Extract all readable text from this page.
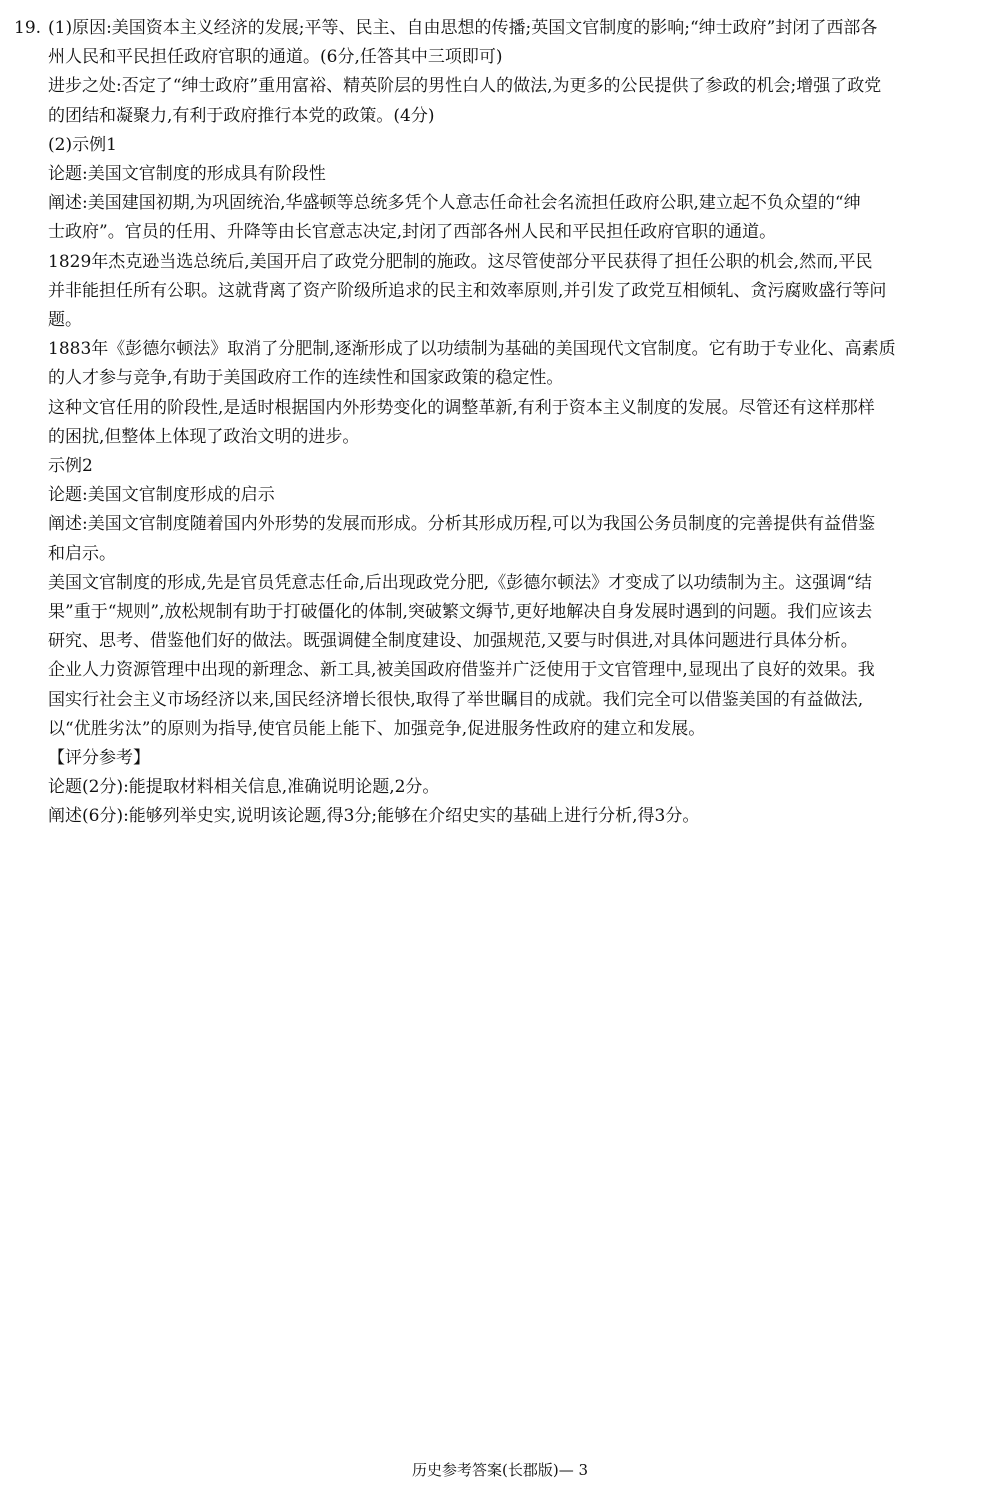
19. (1)原因:美国资本主义经济的发展;平等、民主、自由思想的传播;英国文官制度的影响;“绅士政府”封闭了西部各

州人民和平民担任政府官职的通道。(6分,任答其中三项即可)

进步之处:否定了“绅士政府”重用富裕、精英阶层的男性白人的做法,为更多的公民提供了参政的机会;增强了政党

的团结和凝聚力,有利于政府推行本党的政策。(4分)

(2)示例1

论题:美国文官制度的形成具有阶段性

阐述:美国建国初期,为巩固统治,华盛顿等总统多凭个人意志任命社会名流担任政府公职,建立起不负众望的“绅

士政府”。官员的任用、升降等由长官意志决定,封闭了西部各州人民和平民担任政府官职的通道。

1829年杰克逊当选总统后,美国开启了政党分肥制的施政。这尽管使部分平民获得了担任公职的机会,然而,平民

并非能担任所有公职。这就背离了资产阶级所追求的民主和效率原则,并引发了政党互相倾轧、贪污腐败盛行等问

题。

1883年《彭德尔顿法》取消了分肥制,逐渐形成了以功绩制为基础的美国现代文官制度。它有助于专业化、高素质

的人才参与竞争,有助于美国政府工作的连续性和国家政策的稳定性。

这种文官任用的阶段性,是适时根据国内外形势变化的调整革新,有利于资本主义制度的发展。尽管还有这样那样

的困扰,但整体上体现了政治文明的进步。

示例2

论题:美国文官制度形成的启示

阐述:美国文官制度随着国内外形势的发展而形成。分析其形成历程,可以为我国公务员制度的完善提供有益借鉴

和启示。

美国文官制度的形成,先是官员凭意志任命,后出现政党分肥,《彭德尔顿法》才变成了以功绩制为主。这强调“结

果”重于“规则”,放松规制有助于打破僵化的体制,突破繁文缛节,更好地解决自身发展时遇到的问题。我们应该去

研究、思考、借鉴他们好的做法。既强调健全制度建设、加强规范,又要与时俱进,对具体问题进行具体分析。

企业人力资源管理中出现的新理念、新工具,被美国政府借鉴并广泛使用于文官管理中,显现出了良好的效果。我

国实行社会主义市场经济以来,国民经济增长很快,取得了举世瞩目的成就。我们完全可以借鉴美国的有益做法,

以“优胜劣汰”的原则为指导,使官员能上能下、加强竞争,促进服务性政府的建立和发展。

【评分参考】

论题(2分):能提取材料相关信息,准确说明论题,2分。

阐述(6分):能够列举史实,说明该论题,得3分;能够在介绍史实的基础上进行分析,得3分。

历史参考答案(长郡版)— 3
